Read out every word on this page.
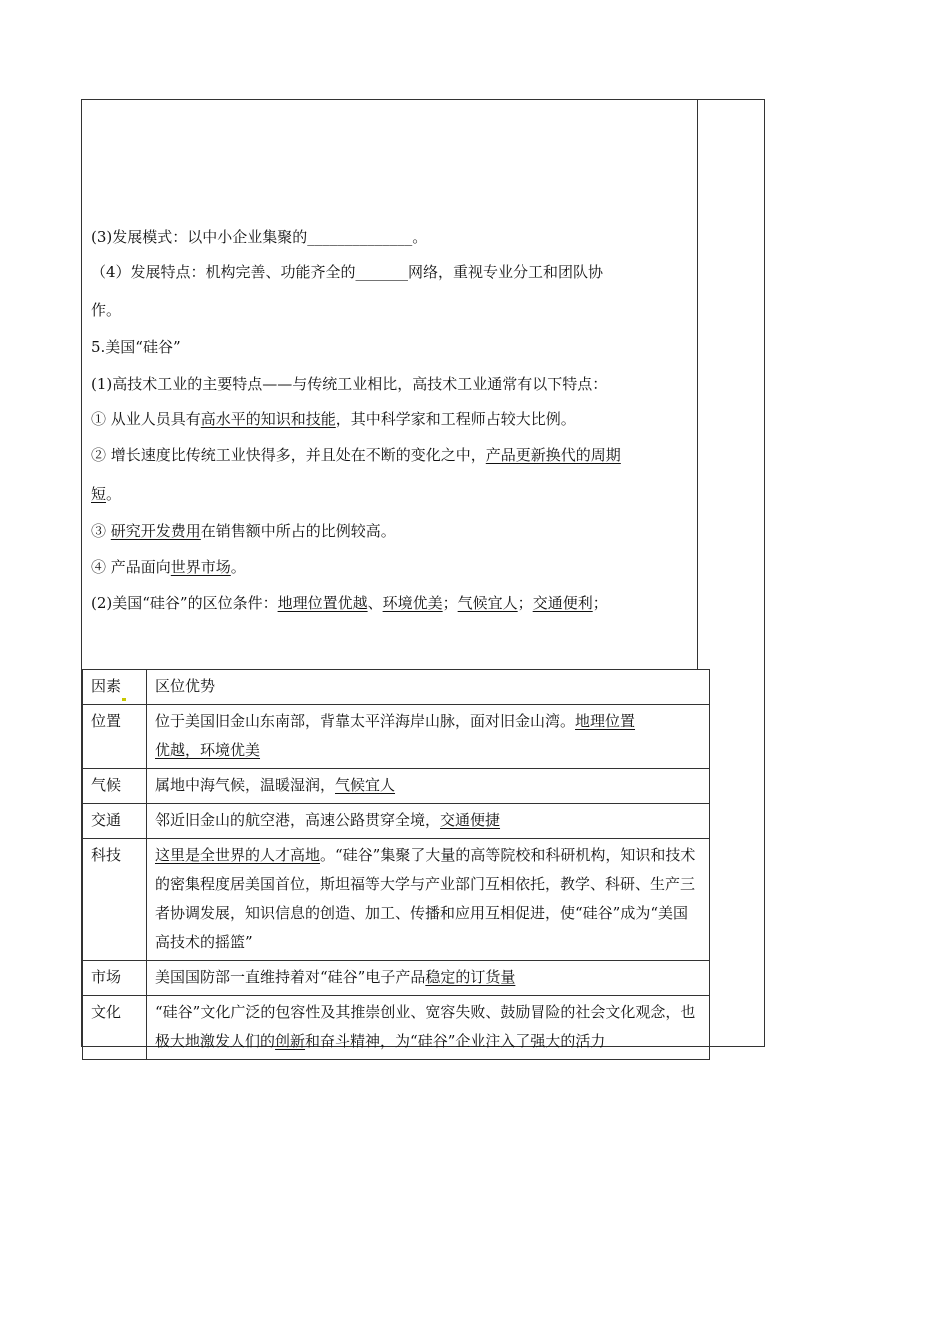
(3)发展模式：以中小企业集聚的______________。
（4）发展特点：机构完善、功能齐全的_______网络，重视专业分工和团队协
作。
5.美国“硅谷”
(1)高技术工业的主要特点——与传统工业相比，高技术工业通常有以下特点：
① 从业人员具有高水平的知识和技能，其中科学家和工程师占较大比例。
② 增长速度比传统工业快得多，并且处在不断的变化之中，产品更新换代的周期
短。
③ 研究开发费用在销售额中所占的比例较高。
④ 产品面向世界市场。
(2)美国“硅谷”的区位条件：地理位置优越、环境优美；气候宜人；交通便利；
因素	区位优势
位置	位于美国旧金山东南部，背靠太平洋海岸山脉，面对旧金山湾。地理位置
优越，环境优美
气候	属地中海气候，温暖湿润，气候宜人
交通	邻近旧金山的航空港，高速公路贯穿全境，交通便捷
科技	这里是全世界的人才高地。“硅谷”集聚了大量的高等院校和科研机构，知识和技术的密集程度居美国首位，斯坦福等大学与产业部门互相依托，教学、科研、生产三者协调发展，知识信息的创造、加工、传播和应用互相促进，使“硅谷”成为“美国高技术的摇篮”
市场	美国国防部一直维持着对“硅谷”电子产品稳定的订货量
文化	“硅谷”文化广泛的包容性及其推崇创业、宽容失败、鼓励冒险的社会文化观念，也极大地激发人们的创新和奋斗精神，为“硅谷”企业注入了强大的活力
